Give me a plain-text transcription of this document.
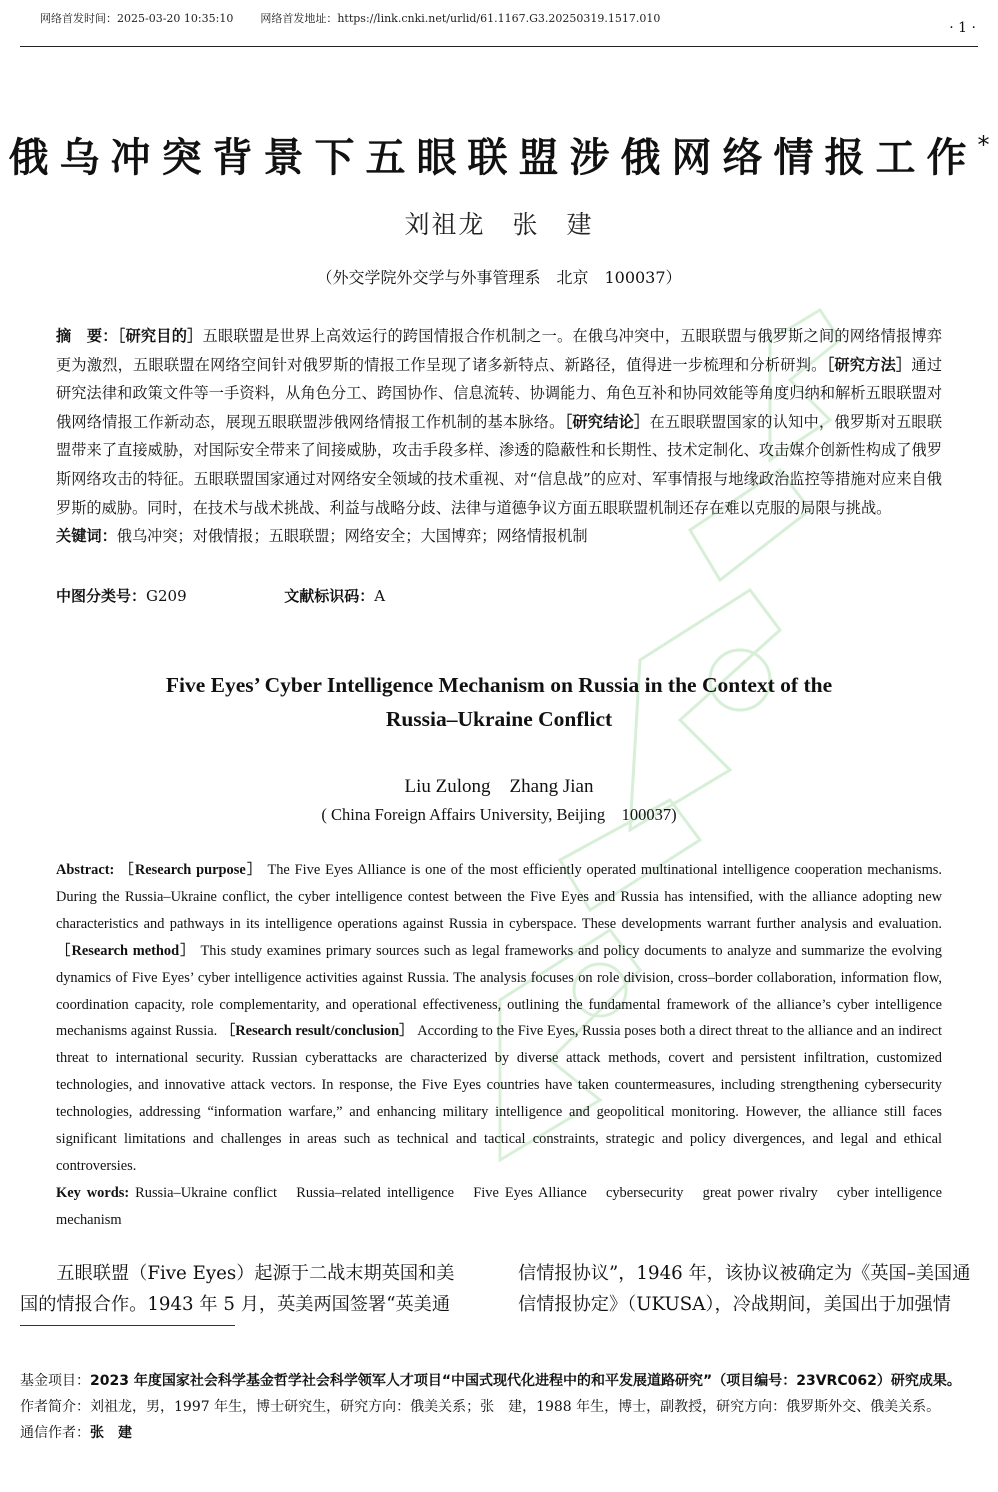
网络首发时间：2025-03-20 10:35:10 网络首发地址：https://link.cnki.net/urlid/61.1167.G3.20250319.1517.010
· 1 ·
俄乌冲突背景下五眼联盟涉俄网络情报工作*
刘祖龙　张　建
（外交学院外交学与外事管理系　北京　100037）
摘　要：［研究目的］五眼联盟是世界上高效运行的跨国情报合作机制之一。在俄乌冲突中，五眼联盟与俄罗斯之间的网络情报博弈更为激烈，五眼联盟在网络空间针对俄罗斯的情报工作呈现了诸多新特点、新路径，值得进一步梳理和分析研判。［研究方法］通过研究法律和政策文件等一手资料，从角色分工、跨国协作、信息流转、协调能力、角色互补和协同效能等角度归纳和解析五眼联盟对俄网络情报工作新动态，展现五眼联盟涉俄网络情报工作机制的基本脉络。［研究结论］在五眼联盟国家的认知中，俄罗斯对五眼联盟带来了直接威胁，对国际安全带来了间接威胁，攻击手段多样、渗透的隐蔽性和长期性、技术定制化、攻击媒介创新性构成了俄罗斯网络攻击的特征。五眼联盟国家通过对网络安全领域的技术重视、对“信息战”的应对、军事情报与地缘政治监控等措施对应来自俄罗斯的威胁。同时，在技术与战术挑战、利益与战略分歧、法律与道德争议方面五眼联盟机制还存在难以克服的局限与挑战。
关键词：俄乌冲突；对俄情报；五眼联盟；网络安全；大国博弈；网络情报机制
中图分类号：G209	文献标识码：A
Five Eyes’ Cyber Intelligence Mechanism on Russia in the Context of the
Russia–Ukraine Conflict
Liu Zulong　Zhang Jian
( China Foreign Affairs University, Beijing　100037)
Abstract: ［Research purpose］ The Five Eyes Alliance is one of the most efficiently operated multinational intelligence cooperation mechanisms. During the Russia–Ukraine conflict, the cyber intelligence contest between the Five Eyes and Russia has intensified, with the alliance adopting new characteristics and pathways in its intelligence operations against Russia in cyberspace. These developments warrant further analysis and evaluation. ［Research method］ This study examines primary sources such as legal frameworks and policy documents to analyze and summarize the evolving dynamics of Five Eyes’ cyber intelligence activities against Russia. The analysis focuses on role division, cross–border collaboration, information flow, coordination capacity, role complementarity, and operational effectiveness, outlining the fundamental framework of the alliance’s cyber intelligence mechanisms against Russia. ［Research result/conclusion］ According to the Five Eyes, Russia poses both a direct threat to the alliance and an indirect threat to international security. Russian cyberattacks are characterized by diverse attack methods, covert and persistent infiltration, customized technologies, and innovative attack vectors. In response, the Five Eyes countries have taken countermeasures, including strengthening cybersecurity technologies, addressing “information warfare,” and enhancing military intelligence and geopolitical monitoring. However, the alliance still faces significant limitations and challenges in areas such as technical and tactical constraints, strategic and policy divergences, and legal and ethical controversies.
Key words: Russia–Ukraine conflict　Russia–related intelligence　Five Eyes Alliance　cybersecurity　great power rivalry　cyber intelligence mechanism
五眼联盟（Five Eyes）起源于二战末期英国和美
国的情报合作。1943 年 5 月，英美两国签署“英美通
信情报协议”，1946 年，该协议被确定为《英国–美国通
信情报协定》（UKUSA），冷战期间，美国出于加强情
基金项目：2023 年度国家社会科学基金哲学社会科学领军人才项目“中国式现代化进程中的和平发展道路研究”（项目编号：23VRC062）研究成果。
作者简介：刘祖龙，男，1997 年生，博士研究生，研究方向：俄美关系；张　建，1988 年生，博士，副教授，研究方向：俄罗斯外交、俄美关系。
通信作者：张　建
